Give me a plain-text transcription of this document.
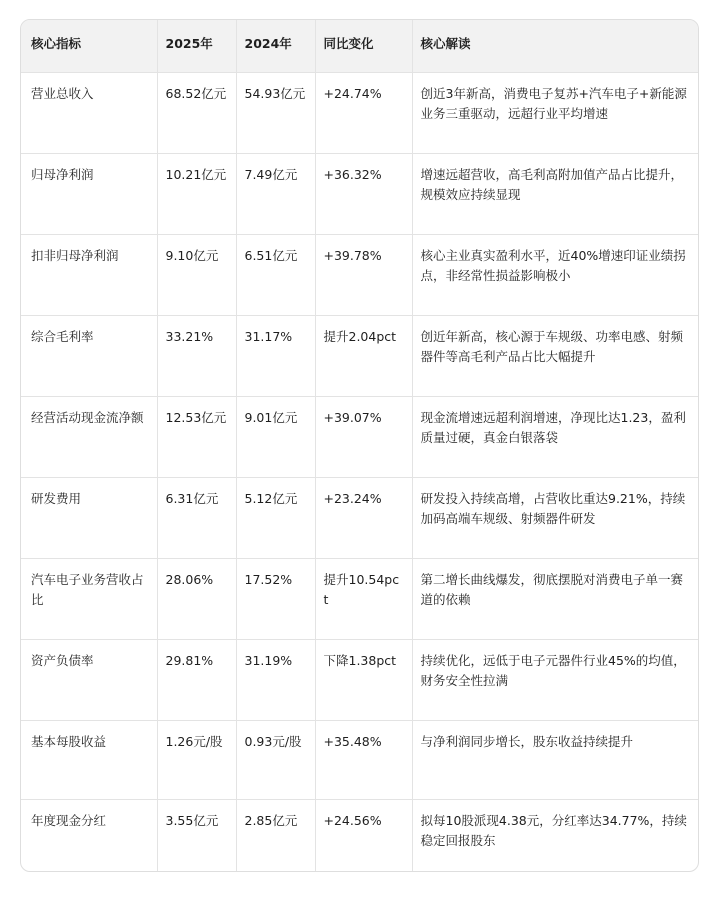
核心指标	2025年	2024年	同比变化	核心解读
营业总收入	68.52亿元	54.93亿元	+24.74%	创近3年新高，消费电子复苏+汽车电子+新能源业务三重驱动，远超行业平均增速
归母净利润	10.21亿元	7.49亿元	+36.32%	增速远超营收，高毛利高附加值产品占比提升，规模效应持续显现
扣非归母净利润	9.10亿元	6.51亿元	+39.78%	核心主业真实盈利水平，近40%增速印证业绩拐点，非经常性损益影响极小
综合毛利率	33.21%	31.17%	提升2.04pct	创近年新高，核心源于车规级、功率电感、射频器件等高毛利产品占比大幅提升
经营活动现金流净额	12.53亿元	9.01亿元	+39.07%	现金流增速远超利润增速，净现比达1.23，盈利质量过硬，真金白银落袋
研发费用	6.31亿元	5.12亿元	+23.24%	研发投入持续高增，占营收比重达9.21%，持续加码高端车规级、射频器件研发
汽车电子业务营收占比	28.06%	17.52%	提升10.54pct	第二增长曲线爆发，彻底摆脱对消费电子单一赛道的依赖
资产负债率	29.81%	31.19%	下降1.38pct	持续优化，远低于电子元器件行业45%的均值，财务安全性拉满
基本每股收益	1.26元/股	0.93元/股	+35.48%	与净利润同步增长，股东收益持续提升
年度现金分红	3.55亿元	2.85亿元	+24.56%	拟每10股派现4.38元，分红率达34.77%，持续稳定回报股东
